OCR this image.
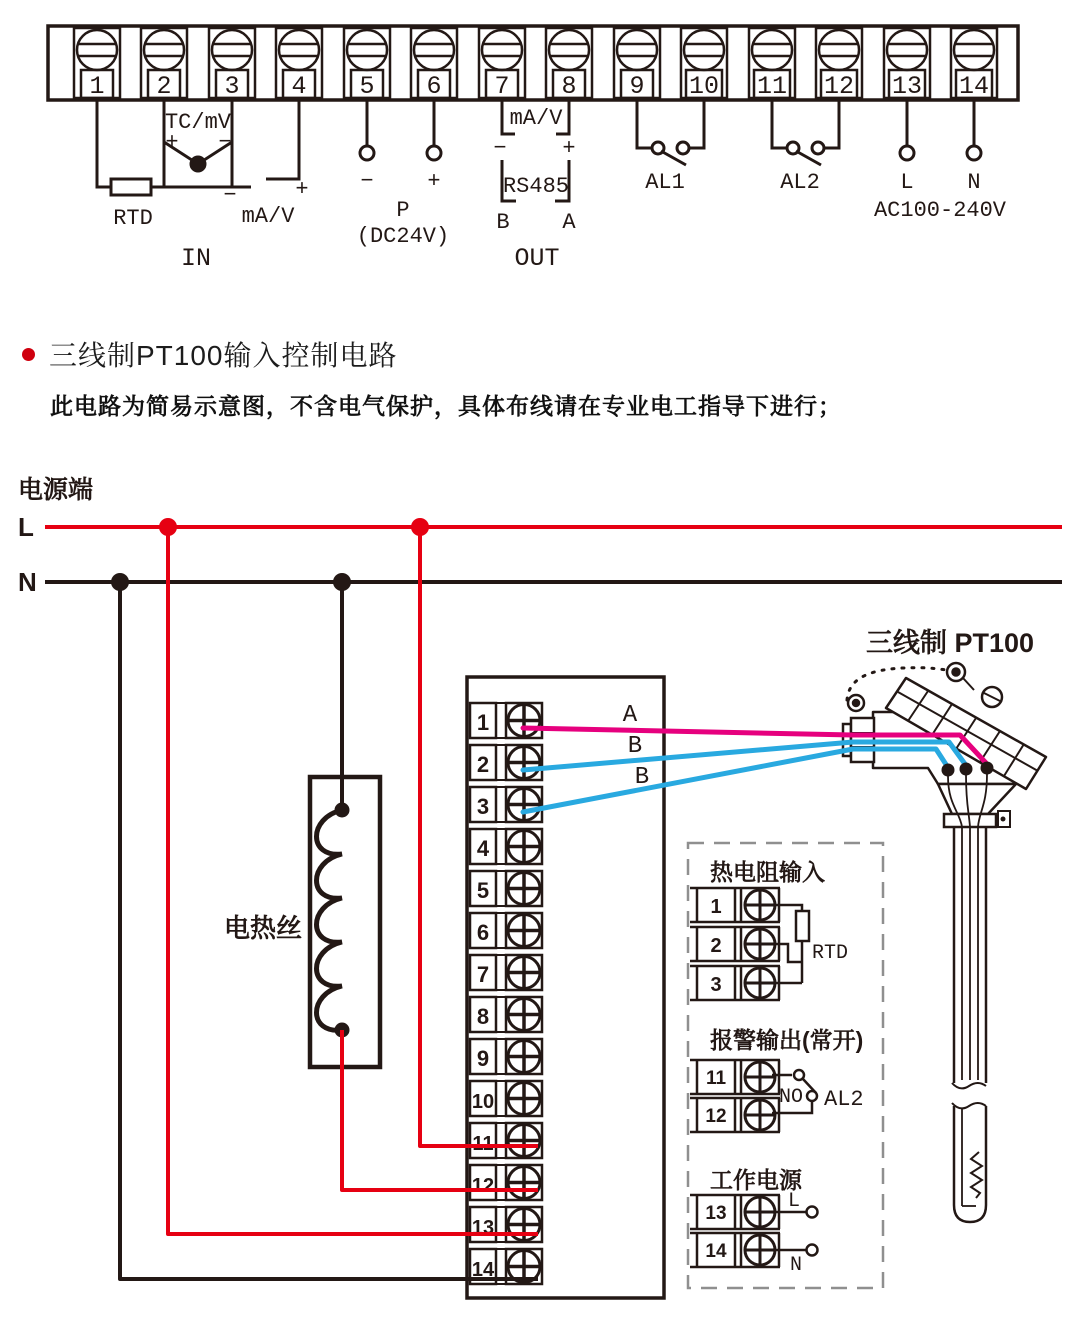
1 2 3 4 5 6 7 8 9 10 11 12 13 14
TC/mV
+ −
RTD
−
mA/V
+
IN
− +
P
(DC24V)
mA/V
−	+
RS485
B A
OUT
AL1	AL2	L N
AC100-240V
三线制PT100输入控制电路
此电路为简易示意图，不含电气保护，具体布线请在专业电工指导下进行；
电源端
L
N
电热丝
1
2
3
4
5
6
7
8
9
10
11
12
13
14
三线制 PT100
A
B
B
热电阻输入
1
2
3
RTD
报警输出(常开)
11
12
NO AL2
工作电源
13
14
L
N
